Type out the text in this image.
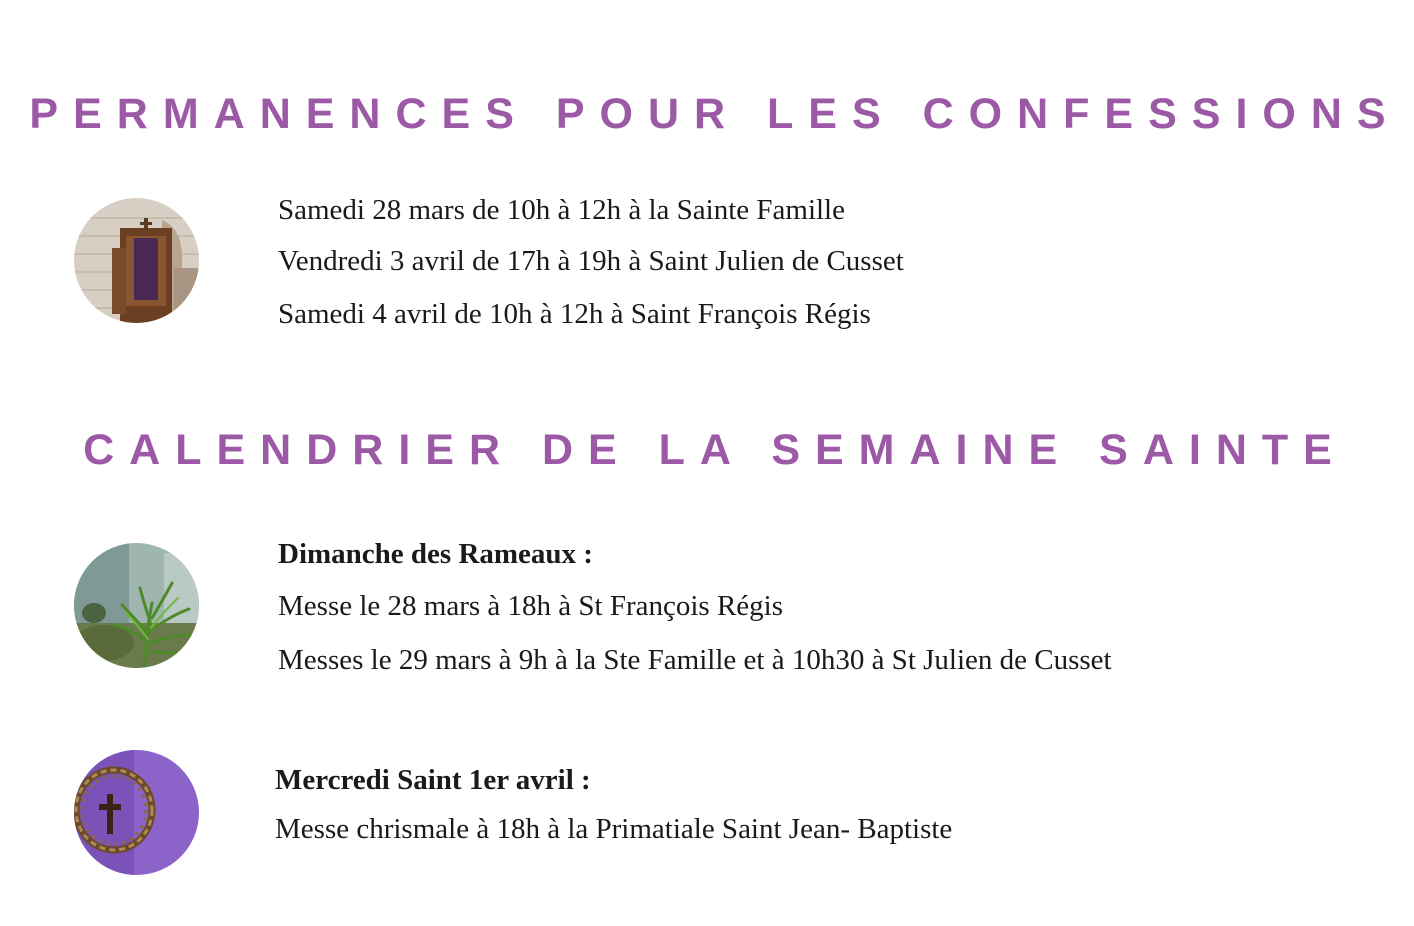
PERMANENCES POUR LES CONFESSIONS
Samedi 28 mars de 10h à 12h à la Sainte Famille
Vendredi 3 avril de 17h à 19h à Saint Julien de Cusset
Samedi 4 avril de 10h à 12h à Saint François Régis
CALENDRIER DE LA SEMAINE SAINTE
Dimanche des Rameaux :
Messe le 28 mars à 18h à St François Régis
Messes le 29 mars à 9h à la Ste Famille et à 10h30 à St Julien de Cusset
Mercredi Saint 1er avril :
Messe chrismale à 18h à la Primatiale Saint Jean- Baptiste
